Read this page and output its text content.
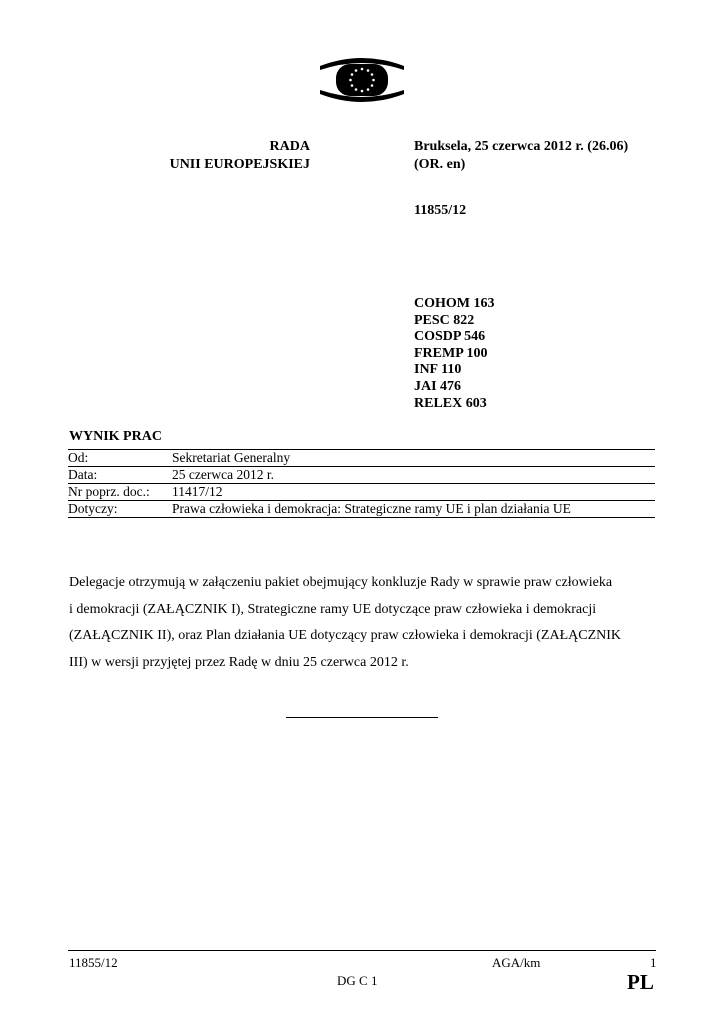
RADA
UNII EUROPEJSKIEJ
Bruksela, 25 czerwca 2012 r. (26.06)
(OR. en)
11855/12
COHOM 163
PESC 822
COSDP 546
FREMP 100
INF 110
JAI 476
RELEX 603
WYNIK PRAC
Od:	Sekretariat Generalny
Data:	25 czerwca 2012 r.
Nr poprz. doc.:	11417/12
Dotyczy:	Prawa człowieka i demokracja: Strategiczne ramy UE i plan działania UE
Delegacje otrzymują w załączeniu pakiet obejmujący konkluzje Rady w sprawie praw człowieka
i demokracji (ZAŁĄCZNIK I), Strategiczne ramy UE dotyczące praw człowieka i demokracji
(ZAŁĄCZNIK II), oraz Plan działania UE dotyczący praw człowieka i demokracji (ZAŁĄCZNIK
III) w wersji przyjętej przez Radę w dniu 25 czerwca 2012 r.
11855/12	AGA/km	1
DG C 1	PL
